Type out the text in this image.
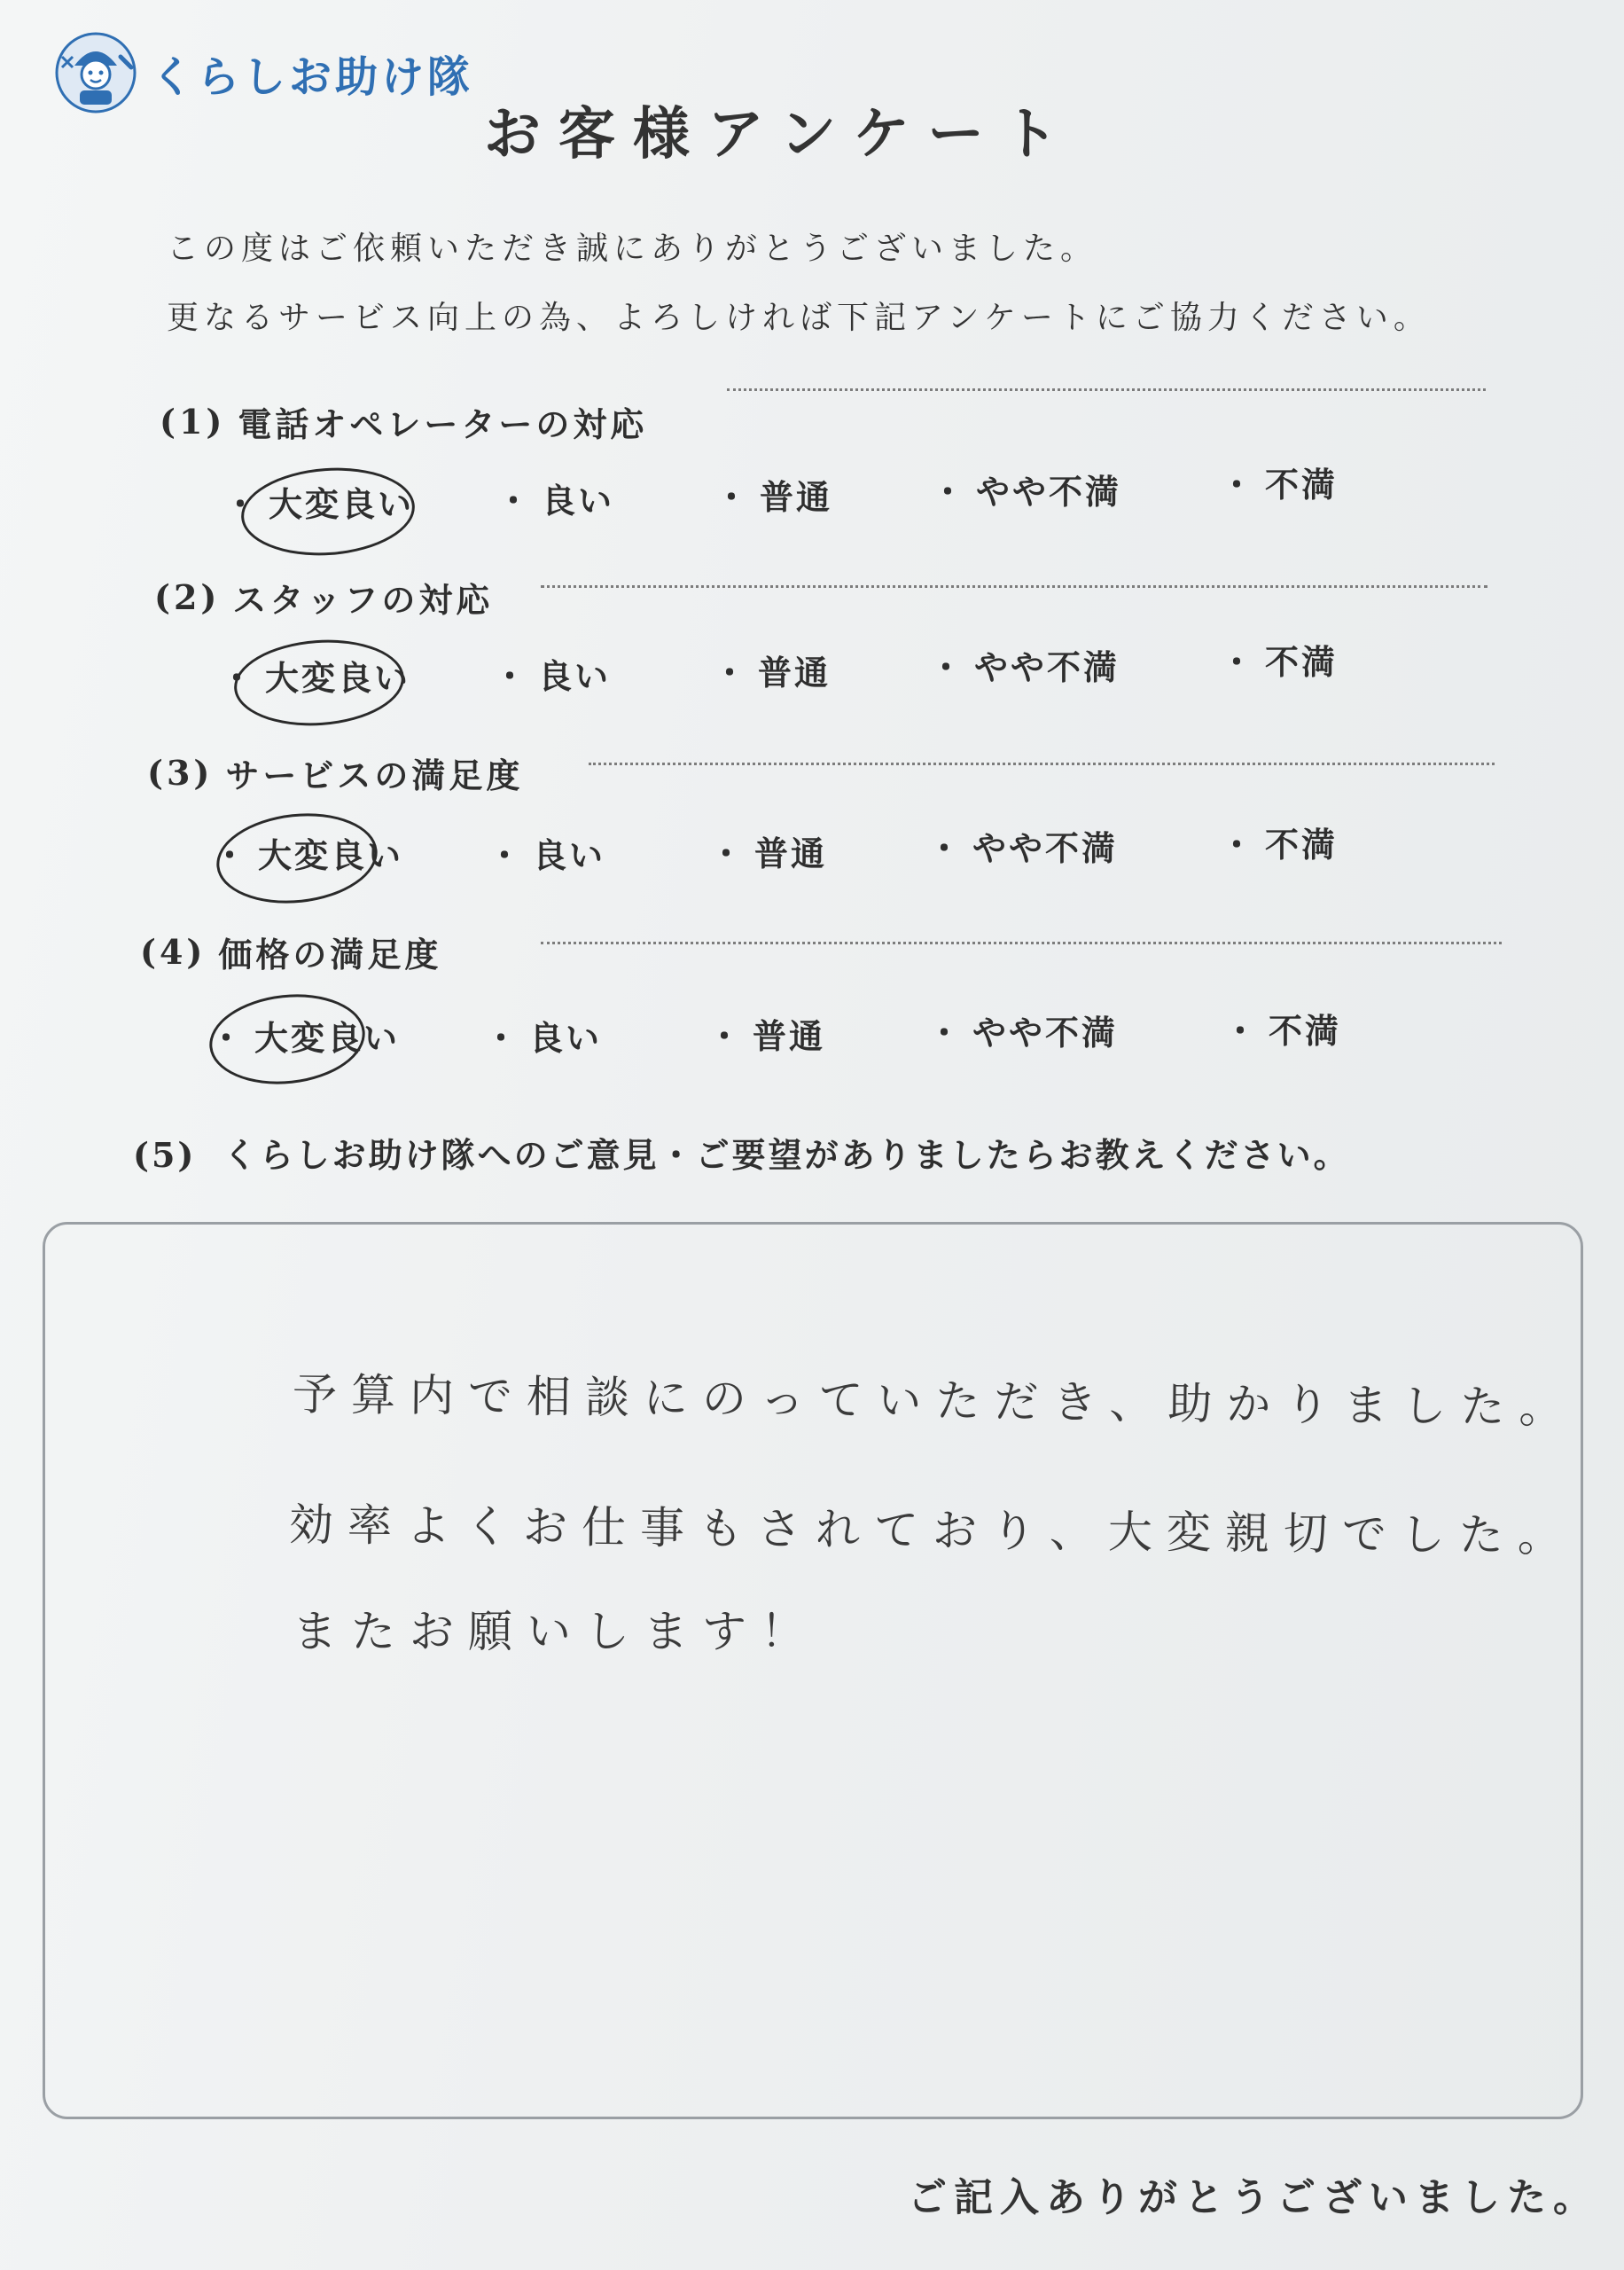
くらしお助け隊
お客様アンケート
この度はご依頼いただき誠にありがとうございました。
更なるサービス向上の為、よろしければ下記アンケートにご協力ください。
(1) 電話オペレーターの対応
・ 大変良い ・ 良い	・ 普通	・ やや不満	・ 不満
(2) スタッフの対応
・ 大変良い ・ 良い	・ 普通	・ やや不満	・ 不満
(3) サービスの満足度
・ 大変良い ・ 良い	・ 普通	・ やや不満	・ 不満
(4) 価格の満足度
・ 大変良い ・ 良い	・ 普通	・ やや不満	・ 不満
(5) くらしお助け隊へのご意見・ご要望がありましたらお教えください。
予算内で相談にのっていただき、助かりました。
効率よくお仕事もされており、大変親切でした。
またお願いします！
ご記入ありがとうございました。
